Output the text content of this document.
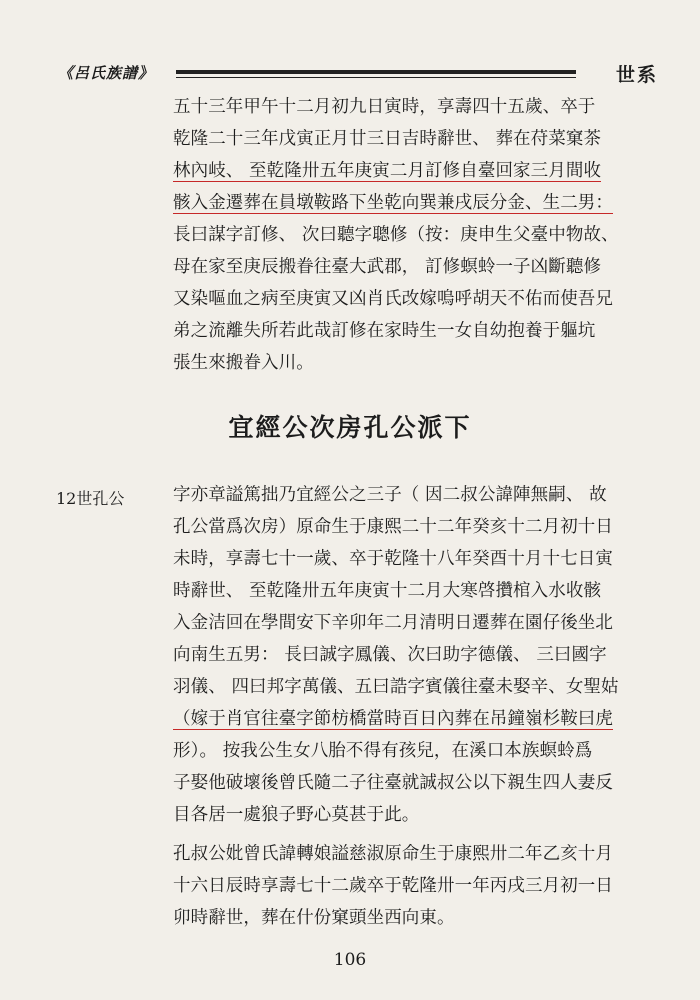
《呂氏族譜》	世系
五十三年甲午十二月初九日寅時，享壽四十五歲、卒于
乾隆二十三年戊寅正月廿三日吉時辭世、 葬在苻菜窠茶
林內岐、 至乾隆卅五年庚寅二月訂修自臺回家三月間收
骸入金遷葬在員墩鞍路下坐乾向巽兼戌辰分金、生二男：
長曰謀字訂修、 次曰聽字聰修（按：庚申生父臺中物故、
母在家至庚辰搬眷往臺大武郡， 訂修螟蛉一子凶斷聽修
又染嘔血之病至庚寅又凶肖氏改嫁嗚呼胡天不佑而使吾兄
弟之流離失所若此哉訂修在家時生一女自幼抱養于軀坑
張生來搬眷入川。
宜經公次房孔公派下
12世孔公	字亦章謚篤拙乃宜經公之三子（ 因二叔公諱陣無嗣、 故
孔公當爲次房）原命生于康熙二十二年癸亥十二月初十日
未時，享壽七十一歲、卒于乾隆十八年癸酉十月十七日寅
時辭世、 至乾隆卅五年庚寅十二月大寒啓攢棺入水收骸
入金洁回在學間安下辛卯年二月清明日遷葬在園仔後坐北
向南生五男： 長曰誠字鳳儀、次曰助字德儀、 三曰國字
羽儀、 四曰邦字萬儀、五曰誥字賓儀往臺未娶辛、女聖姑
（嫁于肖官往臺字節枋橋當時百日內葬在吊鐘嶺杉鞍曰虎
形）。 按我公生女八胎不得有孩兒，在溪口本族螟蛉爲
子娶他破壞後曾氏隨二子往臺就誠叔公以下親生四人妻反
目各居一處狼子野心莫甚于此。
孔叔公妣曾氏諱轉娘謚慈淑原命生于康熙卅二年乙亥十月
十六日辰時享壽七十二歲卒于乾隆卅一年丙戌三月初一日
卯時辭世，葬在什份窠頭坐西向東。
106
